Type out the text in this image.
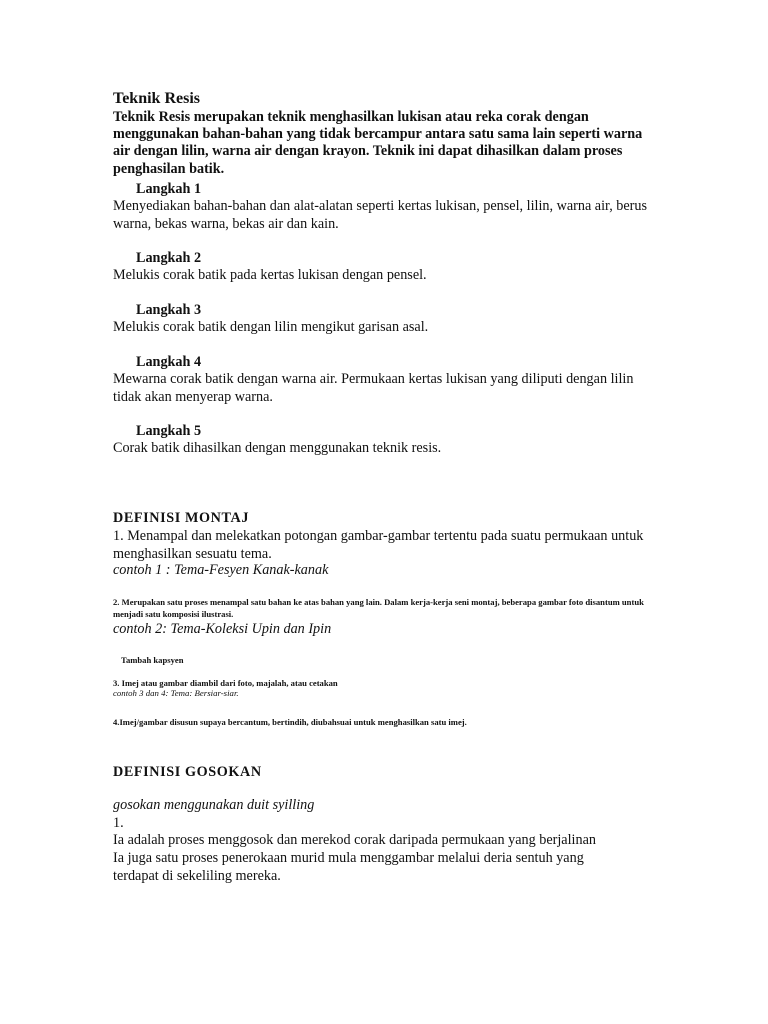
Teknik Resis

Teknik Resis merupakan teknik menghasilkan lukisan atau reka corak dengan menggunakan bahan-bahan yang tidak bercampur antara satu sama lain seperti warna air dengan lilin, warna air dengan krayon. Teknik ini dapat dihasilkan dalam proses penghasilan batik.

Langkah 1

Menyediakan bahan-bahan dan alat-alatan seperti kertas lukisan, pensel, lilin, warna air, berus warna, bekas warna, bekas air dan kain.

Langkah 2

Melukis corak batik pada kertas lukisan dengan pensel.

Langkah 3

Melukis corak batik dengan lilin mengikut garisan asal.

Langkah 4

Mewarna corak batik dengan warna air. Permukaan kertas lukisan yang diliputi dengan lilin tidak akan menyerap warna.

Langkah 5

Corak batik dihasilkan dengan menggunakan teknik resis.

DEFINISI MONTAJ

1. Menampal dan melekatkan potongan gambar-gambar tertentu pada suatu permukaan untuk menghasilkan sesuatu tema.

contoh 1 : Tema-Fesyen Kanak-kanak

2. Merupakan satu proses menampal satu bahan ke atas bahan yang lain. Dalam kerja-kerja seni montaj, beberapa gambar foto disantum untuk menjadi satu komposisi ilustrasi.

contoh 2: Tema-Koleksi Upin dan Ipin

Tambah kapsyen

3. Imej atau gambar diambil dari foto, majalah, atau cetakan

contoh 3 dan 4: Tema: Bersiar-siar.

4.Imej/gambar disusun supaya bercantum, bertindih, diubahsuai untuk menghasilkan satu imej.

DEFINISI GOSOKAN

gosokan menggunakan duit syilling

1.

Ia adalah proses menggosok dan merekod corak daripada permukaan yang berjalinan

Ia juga satu proses penerokaan murid mula menggambar melalui deria sentuh yang terdapat di sekeliling mereka.
